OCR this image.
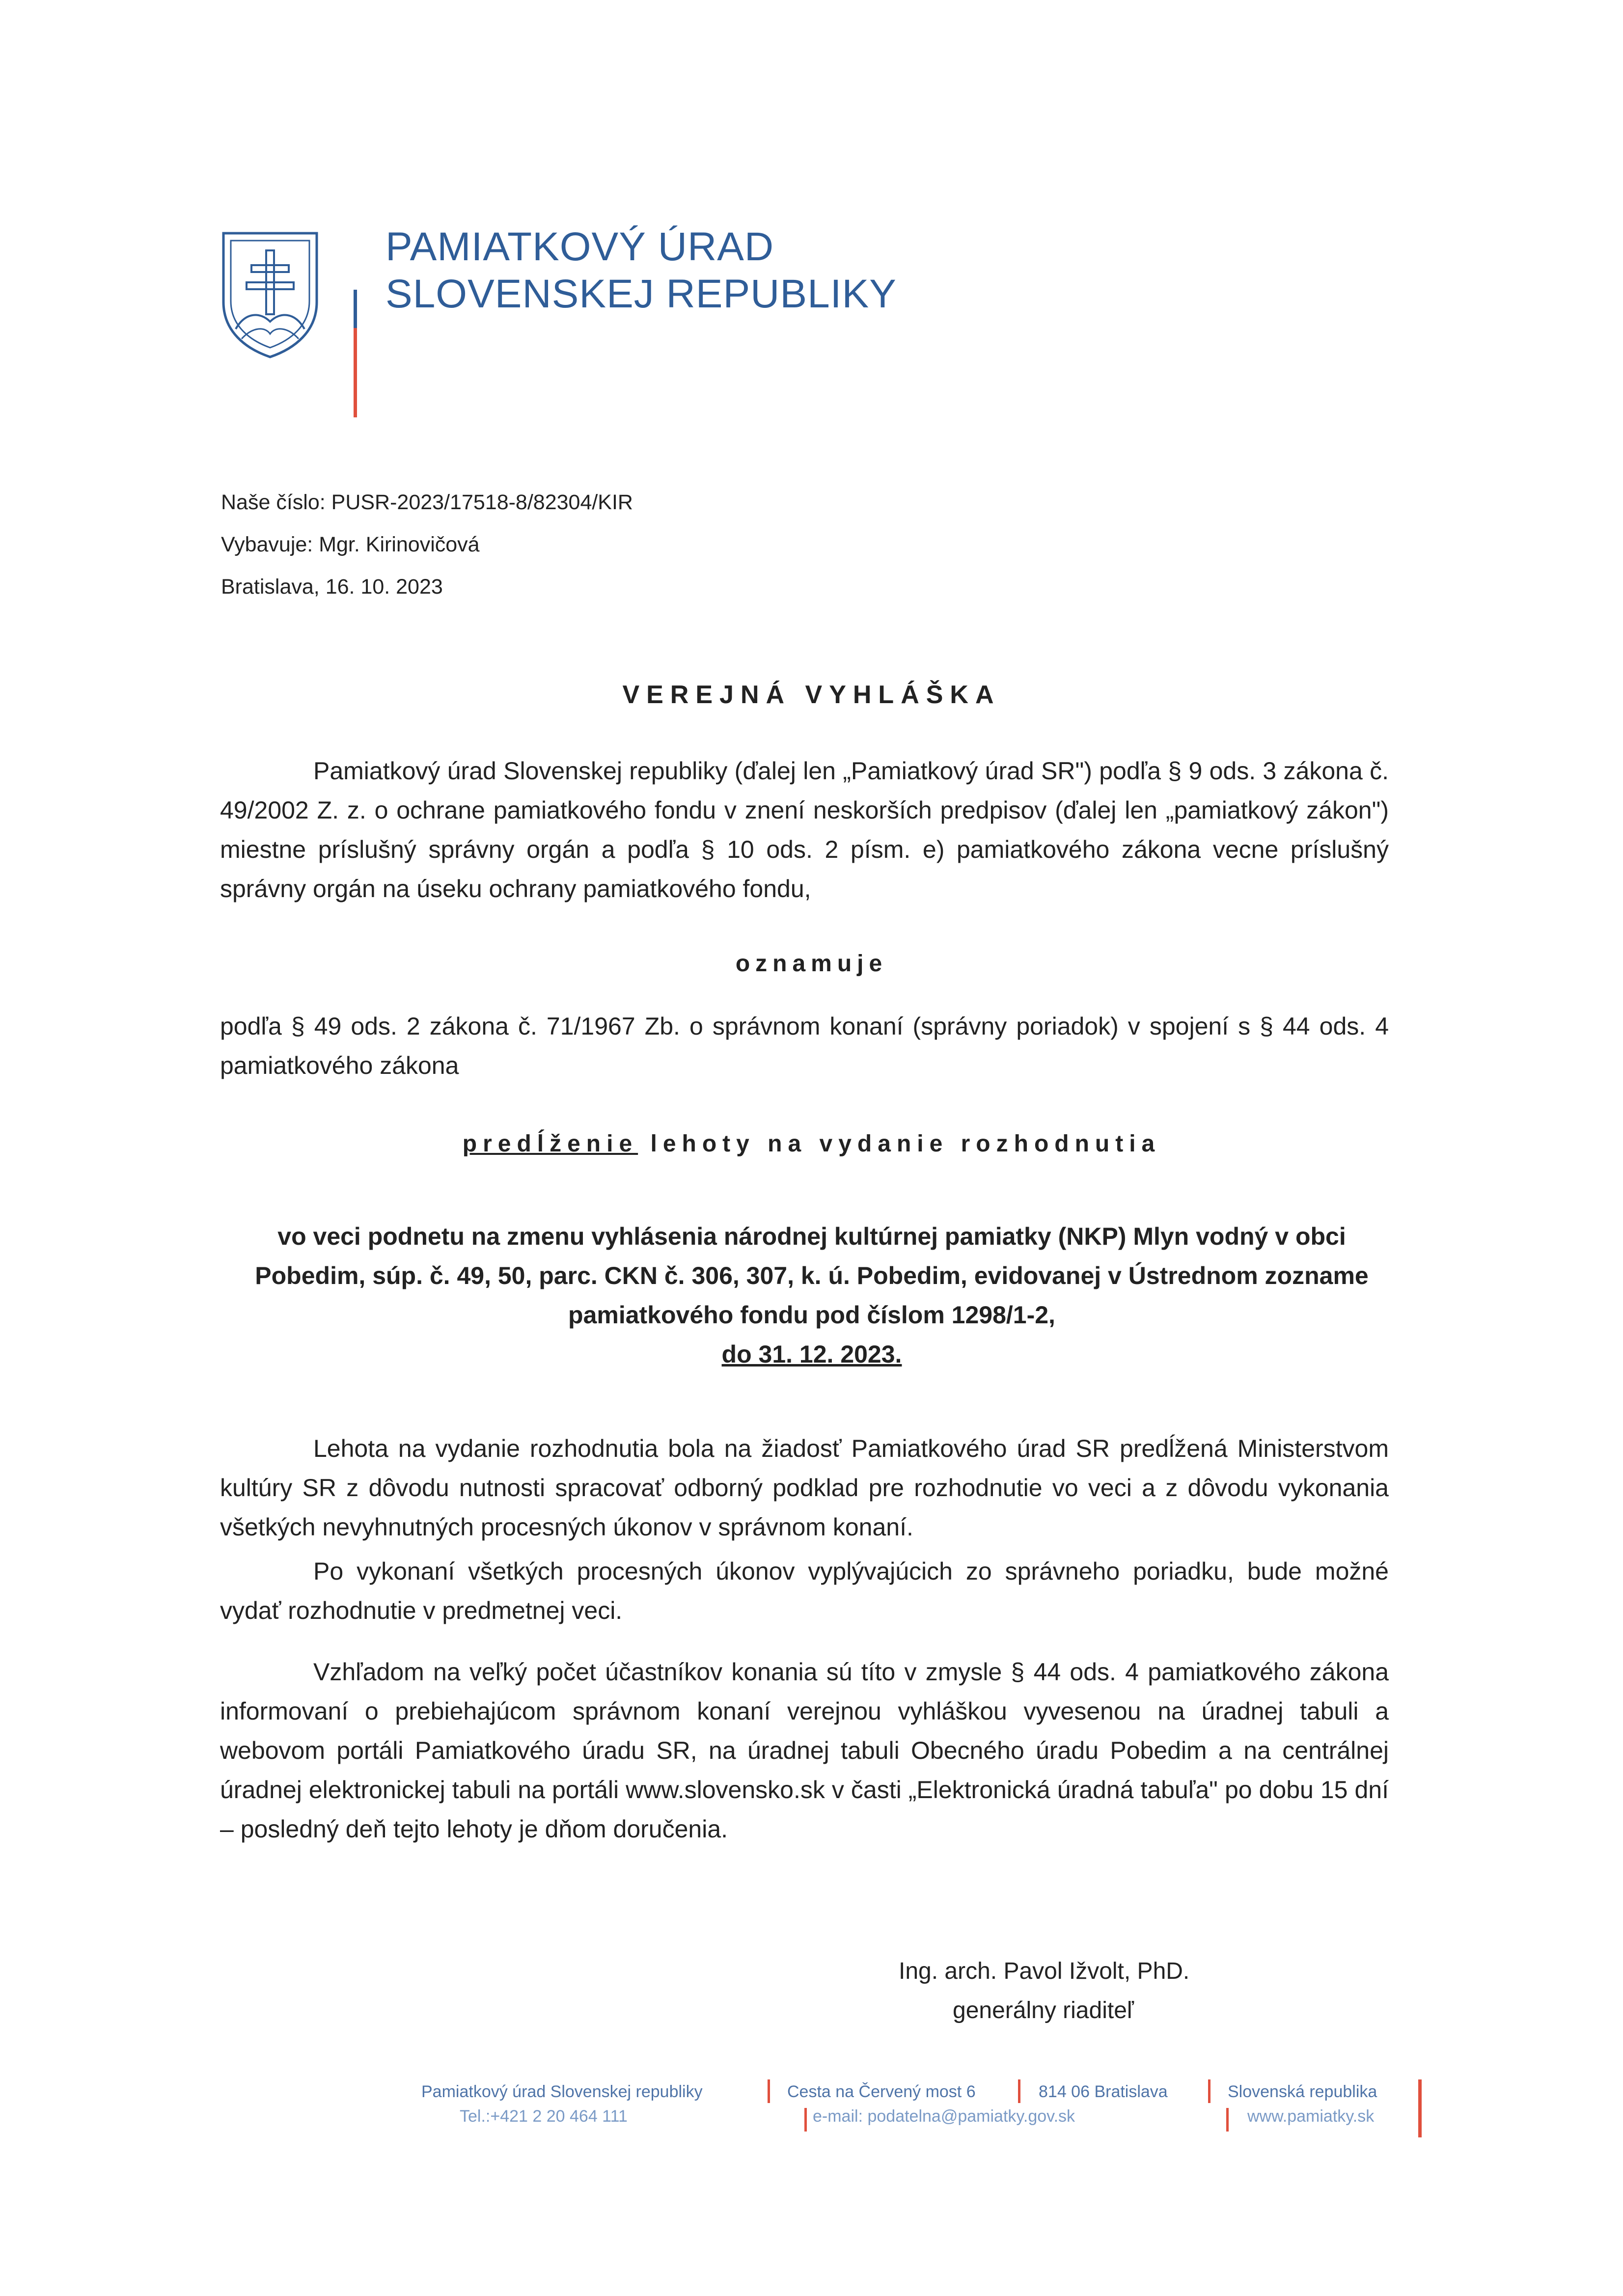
PAMIATKOVÝ ÚRAD
SLOVENSKEJ REPUBLIKY
Naše číslo: PUSR-2023/17518-8/82304/KIR
Vybavuje: Mgr. Kirinovičová
Bratislava, 16. 10. 2023
VEREJNÁ VYHLÁŠKA
Pamiatkový úrad Slovenskej republiky (ďalej len „Pamiatkový úrad SR") podľa § 9 ods. 3 zákona č. 49/2002 Z. z. o ochrane pamiatkového fondu v znení neskorších predpisov (ďalej len „pamiatkový zákon") miestne príslušný správny orgán a podľa § 10 ods. 2 písm. e) pamiatkového zákona vecne príslušný správny orgán na úseku ochrany pamiatkového fondu,
oznamuje
podľa § 49 ods. 2 zákona č. 71/1967 Zb. o správnom konaní (správny poriadok) v spojení s § 44 ods. 4 pamiatkového zákona
predĺženie lehoty na vydanie rozhodnutia
vo veci podnetu na zmenu vyhlásenia národnej kultúrnej pamiatky (NKP) Mlyn vodný v obci Pobedim, súp. č. 49, 50, parc. CKN č. 306, 307, k. ú. Pobedim, evidovanej v Ústrednom zozname pamiatkového fondu pod číslom 1298/1-2,
do 31. 12. 2023.
Lehota na vydanie rozhodnutia bola na žiadosť Pamiatkového úrad SR predĺžená Ministerstvom kultúry SR z dôvodu nutnosti spracovať odborný podklad pre rozhodnutie vo veci a z dôvodu vykonania všetkých nevyhnutných procesných úkonov v správnom konaní.
Po vykonaní všetkých procesných úkonov vyplývajúcich zo správneho poriadku, bude možné vydať rozhodnutie v predmetnej veci.
Vzhľadom na veľký počet účastníkov konania sú títo v zmysle § 44 ods. 4 pamiatkového zákona informovaní o prebiehajúcom správnom konaní verejnou vyhláškou vyvesenou na úradnej tabuli a webovom portáli Pamiatkového úradu SR, na úradnej tabuli Obecného úradu Pobedim a na centrálnej úradnej elektronickej tabuli na portáli www.slovensko.sk v časti „Elektronická úradná tabuľa" po dobu 15 dní – posledný deň tejto lehoty je dňom doručenia.
Ing. arch. Pavol Ižvolt, PhD.
generálny riaditeľ
Pamiatkový úrad Slovenskej republiky
Tel.:+421 2 20 464 111
Cesta na Červený most 6
e-mail: podatelna@pamiatky.gov.sk
814 06 Bratislava	Slovenská republika
www.pamiatky.sk
